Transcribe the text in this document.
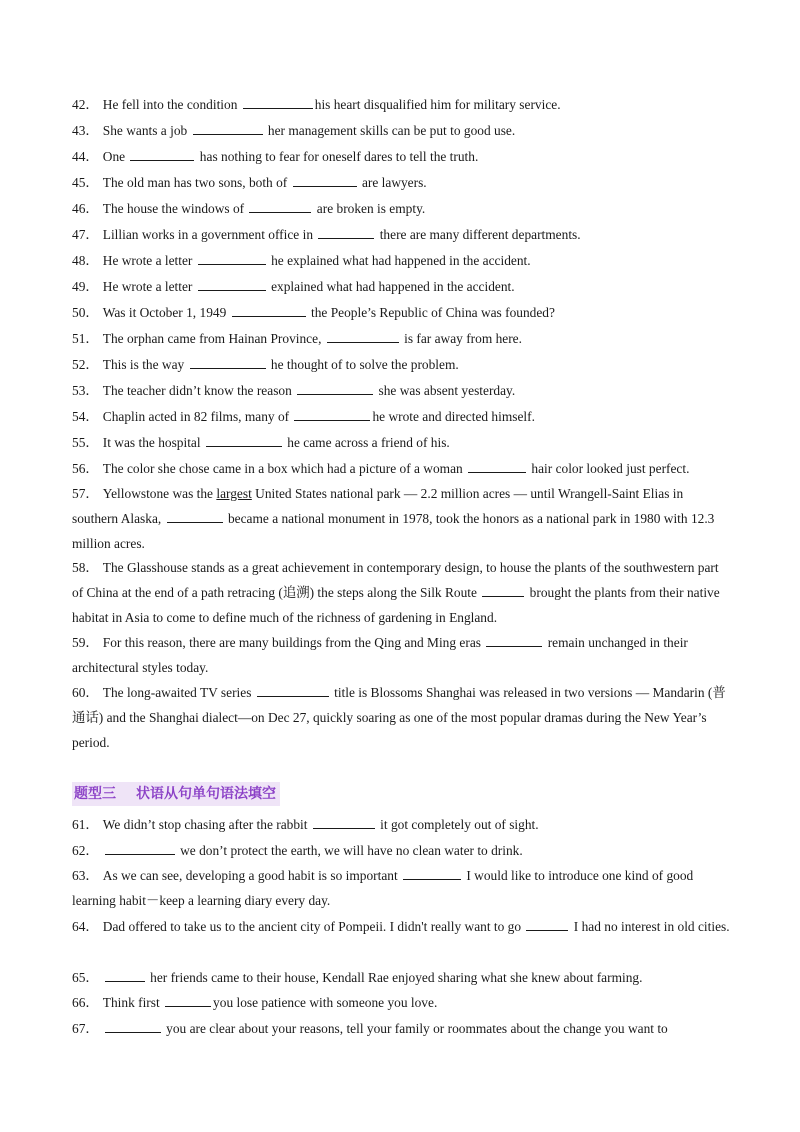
42． He fell into the condition	his heart disqualified him for military service.
43． She wants a job	her management skills can be put to good use.
44． One	has nothing to fear for oneself dares to tell the truth.
45． The old man has two sons, both of	are lawyers.
46． The house the windows of	are broken is empty.
47． Lillian works in a government office in	there are many different departments.
48． He wrote a letter	he explained what had happened in the accident.
49． He wrote a letter	explained what had happened in the accident.
50． Was it October 1, 1949	the People’s Republic of China was founded?
51． The orphan came from Hainan Province,	is far away from here.
52． This is the way	he thought of to solve the problem.
53． The teacher didn’t know the reason	she was absent yesterday.
54． Chaplin acted in 82 films, many of	he wrote and directed himself.
55． It was the hospital	he came across a friend of his.
56． The color she chose came in a box which had a picture of a woman	hair color looked just perfect.
57． Yellowstone was the largest United States national park — 2.2 million acres — until Wrangell-Saint Elias in southern Alaska,	became a national monument in 1978, took the honors as a national park in 1980 with 12.3 million acres.
58． The Glasshouse stands as a great achievement in contemporary design, to house the plants of the southwestern part of China at the end of a path retracing (追溯) the steps along the Silk Route	brought the plants from their native habitat in Asia to come to define much of the richness of gardening in England.
59． For this reason, there are many buildings from the Qing and Ming eras	remain unchanged in their architectural styles today.
60． The long-awaited TV series	title is Blossoms Shanghai was released in two versions — Mandarin (普通话) and the Shanghai dialect—on Dec 27, quickly soaring as one of the most popular dramas during the New Year’s period.
题型三 状语从句单句语法填空
61． We didn’t stop chasing after the rabbit	it got completely out of sight.
62．	we don’t protect the earth, we will have no clean water to drink.
63． As we can see, developing a good habit is so important	I would like to introduce one kind of good learning habit－keep a learning diary every day.
64． Dad offered to take us to the ancient city of Pompeii. I didn't really want to go	I had no interest in old cities.
65．	her friends came to their house, Kendall Rae enjoyed sharing what she knew about farming.
66． Think first	you lose patience with someone you love.
67．	you are clear about your reasons, tell your family or roommates about the change you want to
